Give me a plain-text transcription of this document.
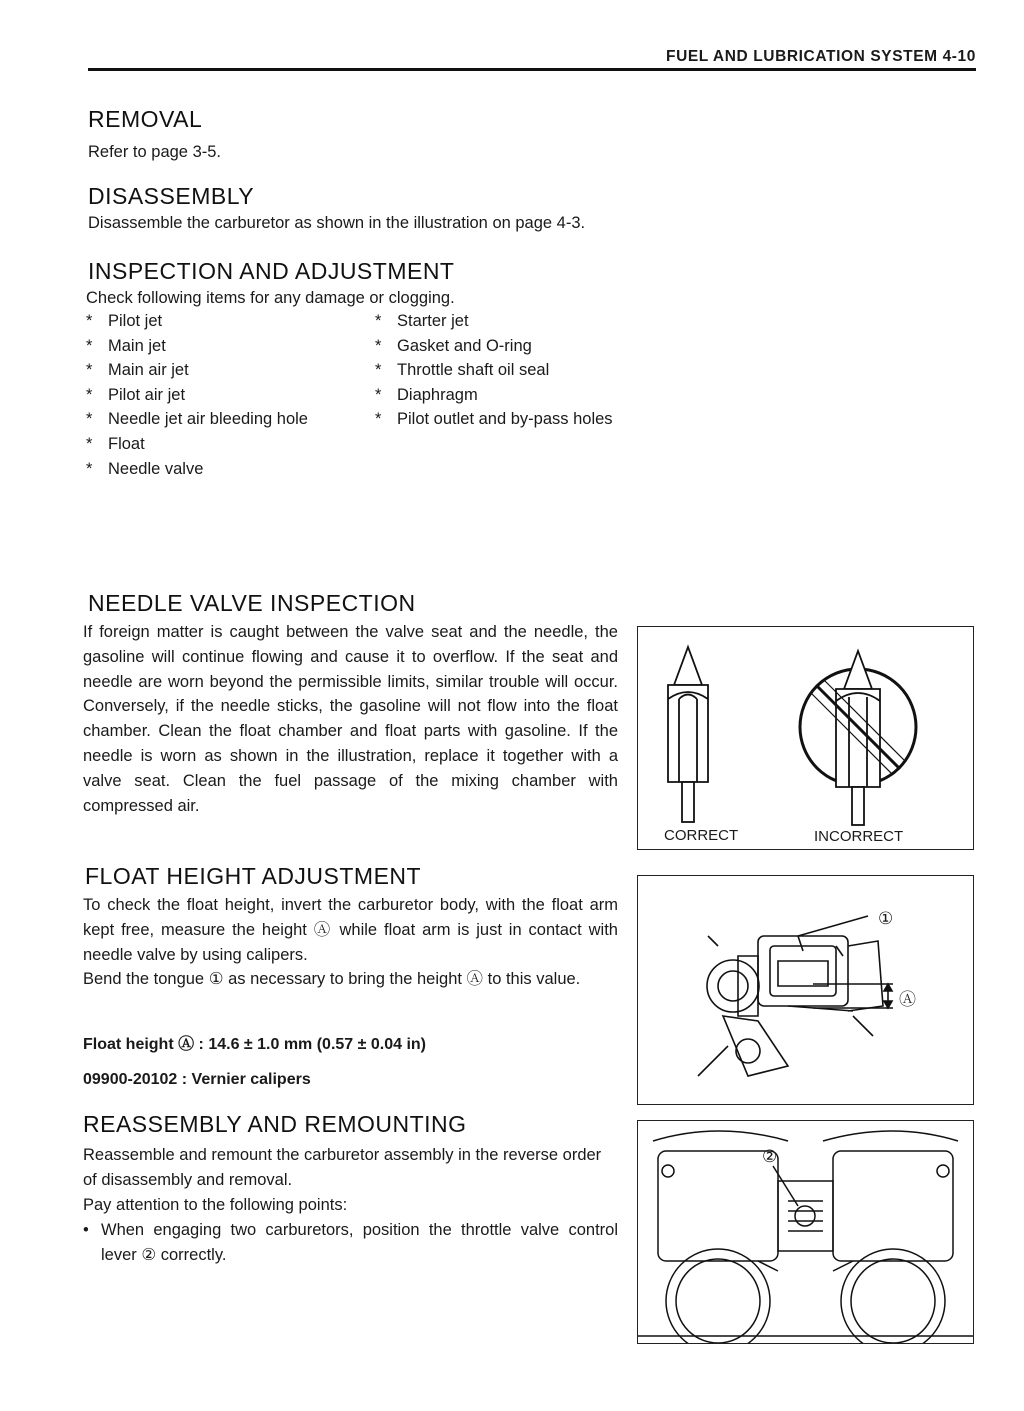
FUEL AND LUBRICATION SYSTEM 4-10
REMOVAL
Refer to page 3-5.
DISASSEMBLY
Disassemble the carburetor as shown in the illustration on page 4-3.
INSPECTION AND ADJUSTMENT
Check following items for any damage or clogging.
* Pilot jet
* Main jet
* Main air jet
* Pilot air jet
* Needle jet air bleeding hole
* Float
* Needle valve
* Starter jet
* Gasket and O-ring
* Throttle shaft oil seal
* Diaphragm
* Pilot outlet and by-pass holes
NEEDLE VALVE INSPECTION

If foreign matter is caught between the valve seat and the needle, the gasoline will continue flowing and cause it to overflow. If the seat and needle are worn beyond the permissible limits, similar trouble will occur. Conversely, if the needle sticks, the gasoline will not flow into the float chamber. Clean the float chamber and float parts with gasoline. If the needle is worn as shown in the illustration, replace it together with a valve seat. Clean the fuel passage of the mixing chamber with compressed air.

CORRECT	INCORRECT
FLOAT HEIGHT ADJUSTMENT

To check the float height, invert the carburetor body, with the float arm kept free, measure the height Ⓐ while float arm is just in contact with needle valve by using calipers.

Bend the tongue ① as necessary to bring the height Ⓐ to this value.

Float height Ⓐ : 14.6 ± 1.0 mm (0.57 ± 0.04 in)
09900-20102 : Vernier calipers
①
Ⓐ
REASSEMBLY AND REMOUNTING

Reassemble and remount the carburetor assembly in the reverse order of disassembly and removal.

Pay attention to the following points:
• When engaging two carburetors, position the throttle valve control lever ② correctly.

②
